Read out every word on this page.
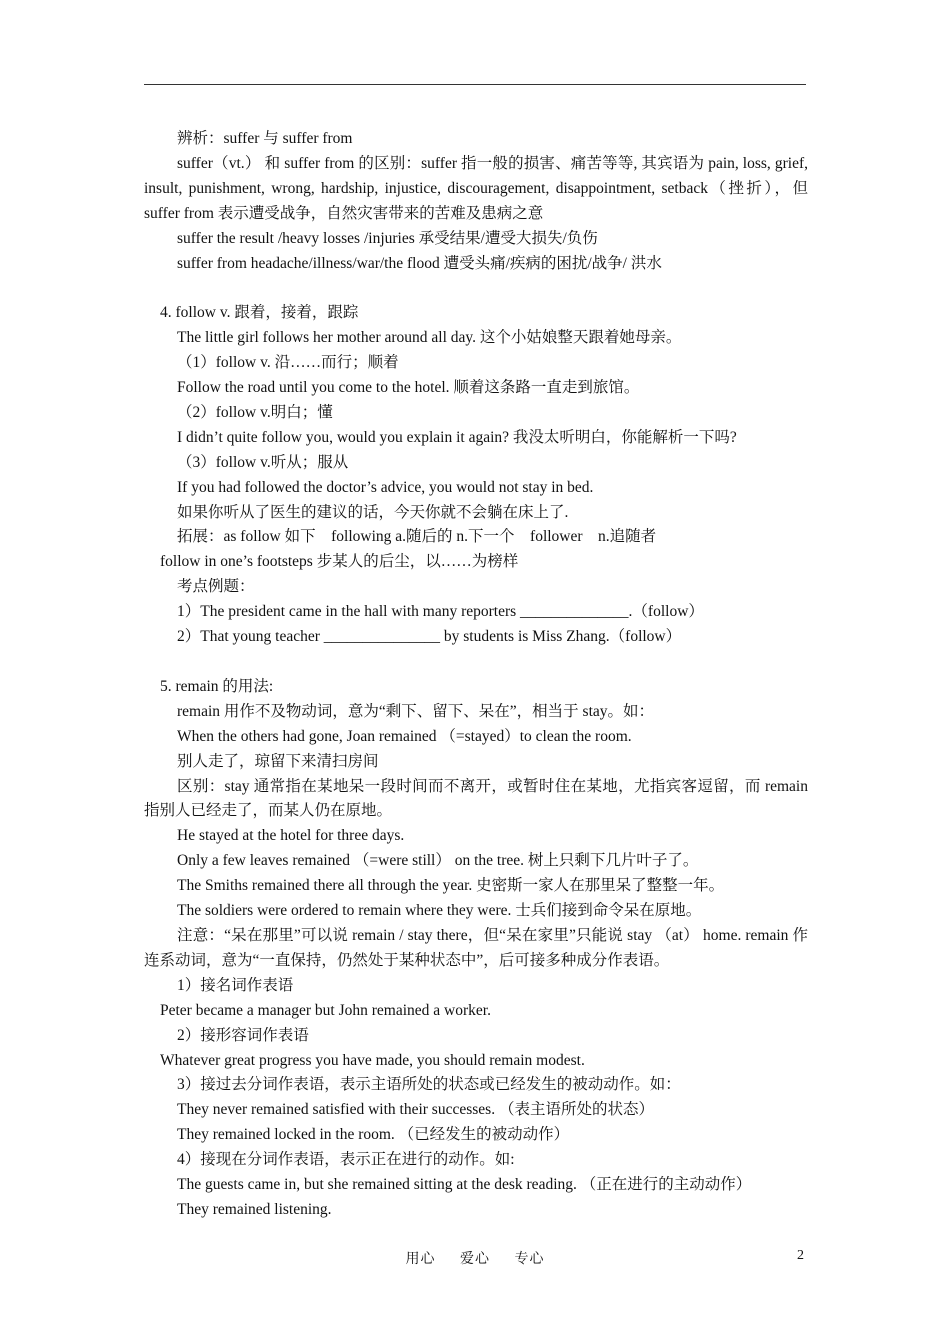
辨析：suffer 与 suffer from
suffer（vt.） 和 suffer from 的区别：suffer 指一般的损害、痛苦等等, 其宾语为 pain, loss, grief, insult, punishment, wrong, hardship, injustice, discouragement, disappointment, setback（挫折），但 suffer from 表示遭受战争，自然灾害带来的苦难及患病之意
suffer the result /heavy losses /injuries 承受结果/遭受大损失/负伤
suffer from headache/illness/war/the flood 遭受头痛/疾病的困扰/战争/ 洪水
4. follow v. 跟着，接着，跟踪
The little girl follows her mother around all day. 这个小姑娘整天跟着她母亲。
（1）follow v. 沿……而行；顺着
Follow the road until you come to the hotel. 顺着这条路一直走到旅馆。
（2）follow v.明白；懂
I didn’t quite follow you, would you explain it again? 我没太听明白，你能解析一下吗?
（3）follow v.听从；服从
If you had followed the doctor’s advice, you would not stay in bed.
如果你听从了医生的建议的话，今天你就不会躺在床上了.
拓展：as follow 如下　following a.随后的 n.下一个　follower　n.追随者
follow in one’s footsteps 步某人的后尘，以……为榜样
考点例题：
1）The president came in the hall with many reporters ______________.（follow）
2）That young teacher _______________ by students is Miss Zhang.（follow）
5. remain 的用法:
remain 用作不及物动词，意为“剩下、留下、呆在”，相当于 stay。如：
When the others had gone, Joan remained （=stayed）to clean the room.
别人走了，琼留下来清扫房间
区别：stay 通常指在某地呆一段时间而不离开，或暂时住在某地，尤指宾客逗留，而 remain 指别人已经走了，而某人仍在原地。
He stayed at the hotel for three days.
Only a few leaves remained （=were still） on the tree. 树上只剩下几片叶子了。
The Smiths remained there all through the year. 史密斯一家人在那里呆了整整一年。
The soldiers were ordered to remain where they were. 士兵们接到命令呆在原地。
注意：“呆在那里”可以说 remain / stay there，但“呆在家里”只能说 stay （at） home. remain 作连系动词，意为“一直保持，仍然处于某种状态中”，后可接多种成分作表语。
1）接名词作表语
Peter became a manager but John remained a worker.
2）接形容词作表语
Whatever great progress you have made, you should remain modest.
3）接过去分词作表语，表示主语所处的状态或已经发生的被动动作。如：
They never remained satisfied with their successes. （表主语所处的状态）
They remained locked in the room. （已经发生的被动动作）
4）接现在分词作表语，表示正在进行的动作。如:
The guests came in, but she remained sitting at the desk reading. （正在进行的主动动作）
They remained listening.
用心 爱心 专心	2
